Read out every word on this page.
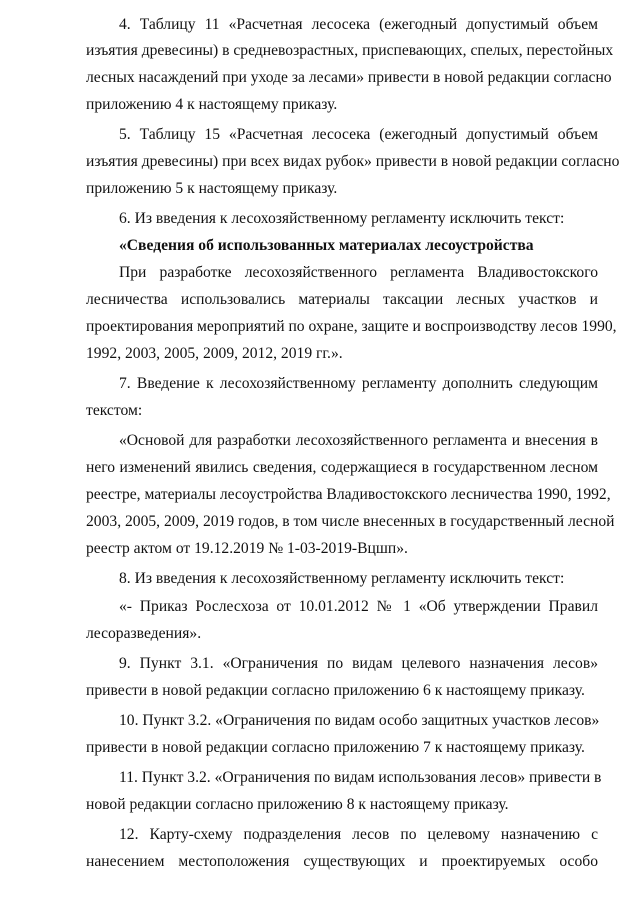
4. Таблицу 11 «Расчетная лесосека (ежегодный допустимый объем
изъятия древесины) в средневозрастных, приспевающих, спелых, перестойных
лесных насаждений при уходе за лесами» привести в новой редакции согласно
приложению 4 к настоящему приказу.
5. Таблицу 15 «Расчетная лесосека (ежегодный допустимый объем
изъятия древесины) при всех видах рубок» привести в новой редакции согласно
приложению 5 к настоящему приказу.
6. Из введения к лесохозяйственному регламенту исключить текст:
«Сведения об использованных материалах лесоустройства
При разработке лесохозяйственного регламента Владивостокского
лесничества использовались материалы таксации лесных участков и
проектирования мероприятий по охране, защите и воспроизводству лесов 1990,
1992, 2003, 2005, 2009, 2012, 2019 гг.».
7. Введение к лесохозяйственному регламенту дополнить следующим
текстом:
«Основой для разработки лесохозяйственного регламента и внесения в
него изменений явились сведения, содержащиеся в государственном лесном
реестре, материалы лесоустройства Владивостокского лесничества 1990, 1992,
2003, 2005, 2009, 2019 годов, в том числе внесенных в государственный лесной
реестр актом от 19.12.2019 № 1-03-2019-Вцшп».
8. Из введения к лесохозяйственному регламенту исключить текст:
«- Приказ Рослесхоза от 10.01.2012 № 1 «Об утверждении Правил
лесоразведения».
9. Пункт 3.1. «Ограничения по видам целевого назначения лесов»
привести в новой редакции согласно приложению 6 к настоящему приказу.
10. Пункт 3.2. «Ограничения по видам особо защитных участков лесов»
привести в новой редакции согласно приложению 7 к настоящему приказу.
11. Пункт 3.2. «Ограничения по видам использования лесов» привести в
новой редакции согласно приложению 8 к настоящему приказу.
12. Карту-схему подразделения лесов по целевому назначению с
нанесением местоположения существующих и проектируемых особо
